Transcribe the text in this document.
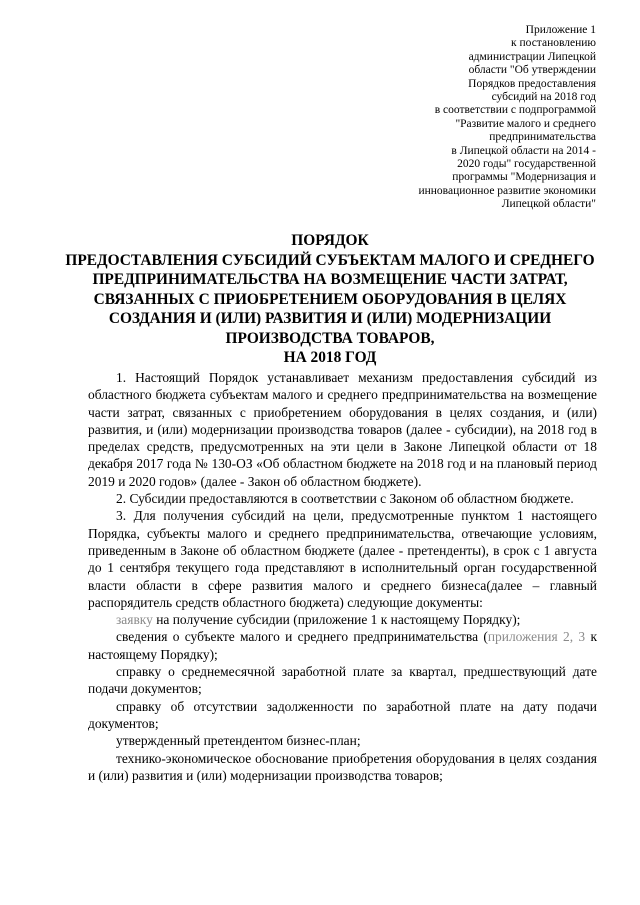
Приложение 1
к постановлению
администрации Липецкой
области "Об утверждении
Порядков предоставления
субсидий на 2018 год
в соответствии с подпрограммой
"Развитие малого и среднего
предпринимательства
в Липецкой области на 2014 -
2020 годы" государственной
программы "Модернизация и
инновационное развитие экономики
Липецкой области"
ПОРЯДОК
ПРЕДОСТАВЛЕНИЯ СУБСИДИЙ СУБЪЕКТАМ МАЛОГО И СРЕДНЕГО
ПРЕДПРИНИМАТЕЛЬСТВА НА ВОЗМЕЩЕНИЕ ЧАСТИ ЗАТРАТ,
СВЯЗАННЫХ С ПРИОБРЕТЕНИЕМ ОБОРУДОВАНИЯ В ЦЕЛЯХ
СОЗДАНИЯ И (ИЛИ) РАЗВИТИЯ И (ИЛИ) МОДЕРНИЗАЦИИ
ПРОИЗВОДСТВА ТОВАРОВ,
НА 2018 ГОД

1. Настоящий Порядок устанавливает механизм предоставления субсидий из областного бюджета субъектам малого и среднего предпринимательства на возмещение части затрат, связанных с приобретением оборудования в целях создания, и (или) развития, и (или) модернизации производства товаров (далее - субсидии), на 2018 год в пределах средств, предусмотренных на эти цели в Законе Липецкой области от 18 декабря 2017 года № 130-ОЗ «Об областном бюджете на 2018 год и на плановый период 2019 и 2020 годов» (далее - Закон об областном бюджете).

2. Субсидии предоставляются в соответствии с Законом об областном бюджете.

3. Для получения субсидий на цели, предусмотренные пунктом 1 настоящего Порядка, субъекты малого и среднего предпринимательства, отвечающие условиям, приведенным в Законе об областном бюджете (далее - претенденты), в срок с 1 августа до 1 сентября текущего года представляют в исполнительный орган государственной власти области в сфере развития малого и среднего бизнеса(далее – главный распорядитель средств областного бюджета) следующие документы:

заявку на получение субсидии (приложение 1 к настоящему Порядку);

сведения о субъекте малого и среднего предпринимательства (приложения 2, 3 к настоящему Порядку);

справку о среднемесячной заработной плате за квартал, предшествующий дате подачи документов;

справку об отсутствии задолженности по заработной плате на дату подачи документов;

утвержденный претендентом бизнес-план;

технико-экономическое обоснование приобретения оборудования в целях создания и (или) развития и (или) модернизации производства товаров;
